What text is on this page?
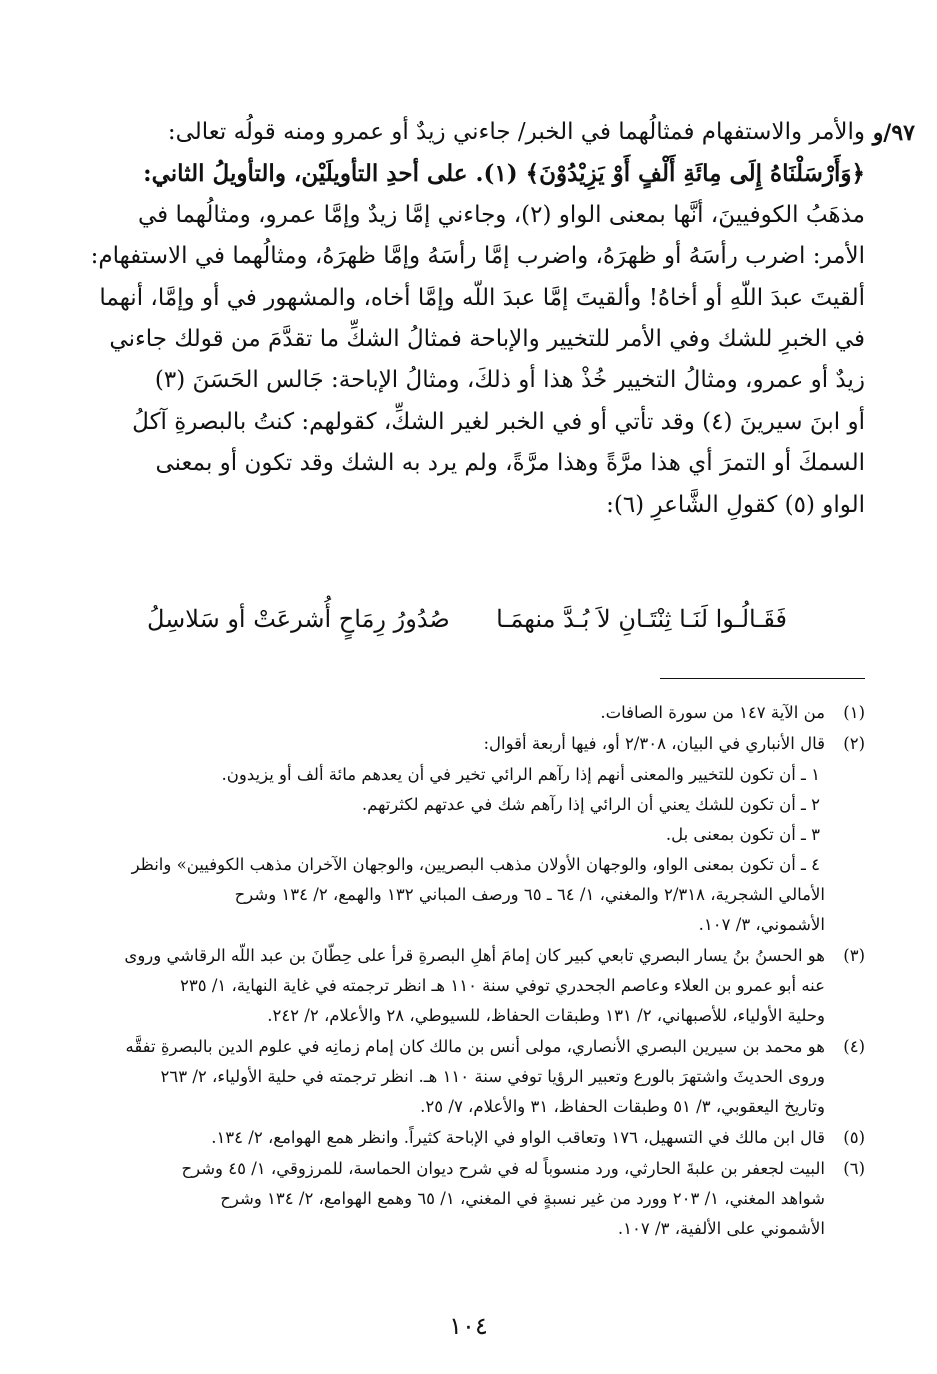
٩٧/و
والأمر والاستفهام فمثالُهما في الخبر/ جاءني زيدٌ أو عمرو ومنه قولُه تعالى:
﴿وَأَرْسَلْنَاهُ إِلَى مِائَةِ أَلْفٍ أَوْ يَزِيْدُوْنَ﴾ (١). على أحدِ التأويلَيْن، والتأويلُ الثاني:
مذهَبُ الكوفيينَ، أنَّها بمعنى الواو (٢)، وجاءني إمَّا زيدٌ وإمَّا عمرو، ومثالُهما في
الأمر: اضرب رأسَهُ أو ظهرَهُ، واضرب إمَّا رأسَهُ وإمَّا ظهرَهُ، ومثالُهما في الاستفهام:
ألقيتَ عبدَ اللّهِ أو أخاهُ! وألقيتَ إمَّا عبدَ اللّه وإمَّا أخاه، والمشهور في أو وإمَّا، أنهما
في الخبرِ للشك وفي الأمر للتخيير والإباحة فمثالُ الشكِّ ما تقدَّمَ من قولك جاءني
زيدٌ أو عمرو، ومثالُ التخيير خُذْ هذا أو ذلكَ، ومثالُ الإباحة: جَالس الحَسَنَ (٣)
أو ابنَ سيرينَ (٤) وقد تأتي أو في الخبر لغير الشكِّ، كقولهم: كنتُ بالبصرةِ آكلُ
السمكَ أو التمرَ أي هذا مرَّةً وهذا مرَّةً، ولم يرد به الشك وقد تكون أو بمعنى
الواو (٥) كقولِ الشَّاعرِ (٦):
فَقَـالُـوا لَنَـا ثِنْتَـانِ لاَ بُـدَّ منهمَـا
صُدُورُ رِمَاحٍ أُشرعَتْ أو سَلاسِلُ
(١)
من الآية ١٤٧ من سورة الصافات.
(٢)
قال الأنباري في البيان، ٢/٣٠٨ أو، فيها أربعة أقوال:
١ ـ أن تكون للتخيير والمعنى أنهم إذا رآهم الرائي تخير في أن يعدهم مائة ألف أو يزيدون.
٢ ـ أن تكون للشك يعني أن الرائي إذا رآهم شك في عدتهم لكثرتهم.
٣ ـ أن تكون بمعنى بل.
٤ ـ أن تكون بمعنى الواو، والوجهان الأولان مذهب البصريين، والوجهان الآخران مذهب الكوفيين» وانظر
الأمالي الشجرية، ٢/٣١٨ والمغني، ١/ ٦٤ ـ ٦٥ ورصف المباني ١٣٢ والهمع، ٢/ ١٣٤ وشرح
الأشموني، ٣/ ١٠٧.
(٣)
هو الحسنُ بنُ يسار البصري تابعي كبير كان إمامَ أهلِ البصرةِ قرأ على حِطّانَ بن عبد اللّه الرقاشي وروى
عنه أبو عمرو بن العلاء وعاصم الجحدري توفي سنة ١١٠ هـ انظر ترجمته في غاية النهاية، ١/ ٢٣٥
وحلية الأولياء، للأصبهاني، ٢/ ١٣١ وطبقات الحفاظ، للسيوطي، ٢٨ والأعلام، ٢/ ٢٤٢.
(٤)
هو محمد بن سيرين البصري الأنصاري، مولى أنس بن مالك كان إمام زمانِه في علوم الدين بالبصرةِ تفقَّه
وروى الحديثَ واشتهرَ بالورع وتعبير الرؤيا توفي سنة ١١٠ هـ. انظر ترجمته في حلية الأولياء، ٢/ ٢٦٣
وتاريخ اليعقوبي، ٣/ ٥١ وطبقات الحفاظ، ٣١ والأعلام، ٧/ ٢٥.
(٥)
قال ابن مالك في التسهيل، ١٧٦ وتعاقب الواو في الإباحة كثيراً. وانظر همع الهوامع، ٢/ ١٣٤.
(٦)
البيت لجعفر بن علبةَ الحارثي، ورد منسوباً له في شرح ديوان الحماسة، للمرزوقي، ١/ ٤٥ وشرح
شواهد المغني، ١/ ٢٠٣ وورد من غير نسبةٍ في المغني، ١/ ٦٥ وهمع الهوامع، ٢/ ١٣٤ وشرح
الأشموني على الألفية، ٣/ ١٠٧.
١٠٤
